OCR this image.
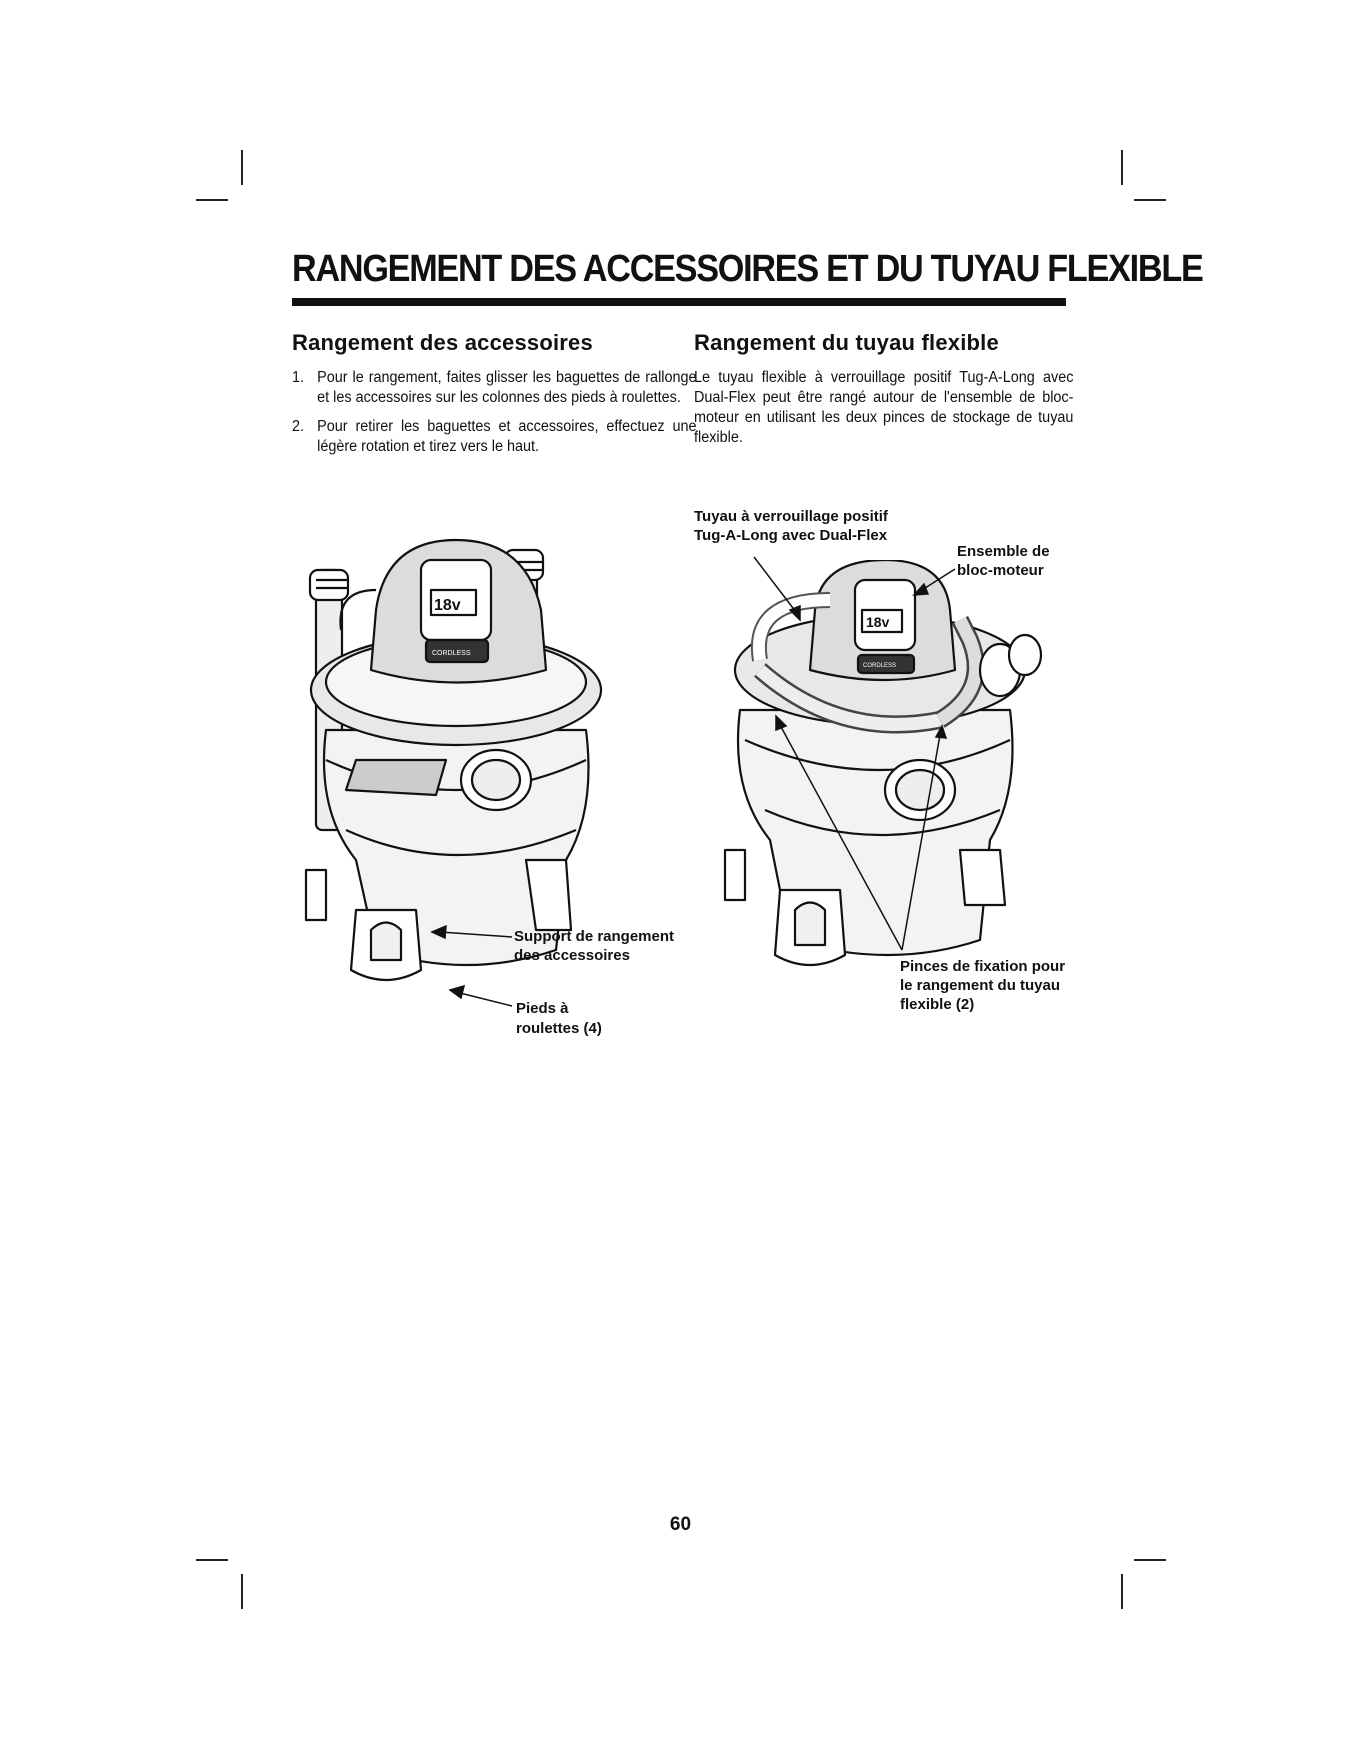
RANGEMENT DES ACCESSOIRES ET DU TUYAU FLEXIBLE
Rangement des accessoires
1. Pour le rangement, faites glisser les baguettes de rallonge et les accessoires sur les colonnes des pieds à roulettes.
2. Pour retirer les baguettes et accessoires, effectuez une légère rotation et tirez vers le haut.
Rangement du tuyau flexible

Le tuyau flexible à verrouillage positif Tug-A-Long avec Dual-Flex peut être rangé autour de l'ensemble de bloc-moteur en utilisant les deux pinces de stockage de tuyau flexible.

18v
CORDLESS
Support de rangement
des accessoires
Pieds à
roulettes (4)
18v
CORDLESS
Tuyau à verrouillage positif
Tug-A-Long avec Dual-Flex
Ensemble de
bloc-moteur
Pinces de fixation pour
le rangement du tuyau
flexible (2)
60
